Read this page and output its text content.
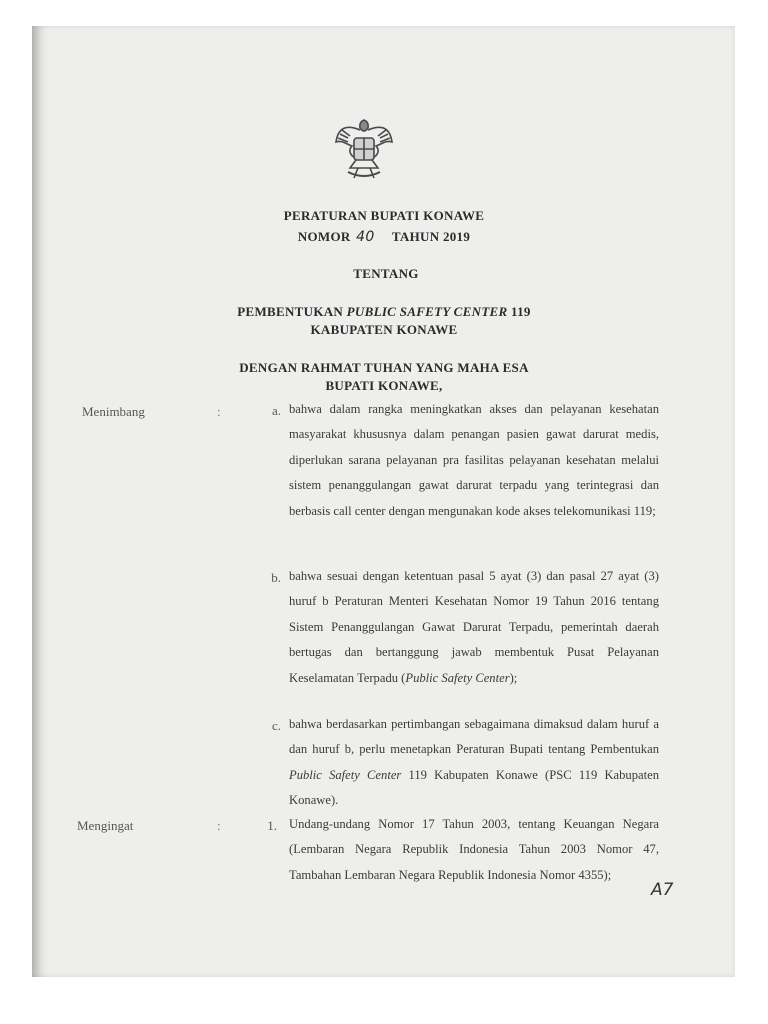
PERATURAN BUPATI KONAWE
NOMOR 40 TAHUN 2019
TENTANG
PEMBENTUKAN PUBLIC SAFETY CENTER 119
KABUPATEN KONAWE
DENGAN RAHMAT TUHAN YANG MAHA ESA
BUPATI KONAWE,
Menimbang	:	a. bahwa dalam rangka meningkatkan akses dan pelayanan kesehatan masyarakat khususnya dalam penangan pasien gawat darurat medis, diperlukan sarana pelayanan pra fasilitas pelayanan kesehatan melalui sistem penanggulangan gawat darurat terpadu yang terintegrasi dan berbasis call center dengan mengunakan kode akses telekomunikasi 119;
b. bahwa sesuai dengan ketentuan pasal 5 ayat (3) dan pasal 27 ayat (3) huruf b Peraturan Menteri Kesehatan Nomor 19 Tahun 2016 tentang Sistem Penanggulangan Gawat Darurat Terpadu, pemerintah daerah bertugas dan bertanggung jawab membentuk Pusat Pelayanan Keselamatan Terpadu (Public Safety Center);
c. bahwa berdasarkan pertimbangan sebagaimana dimaksud dalam huruf a dan huruf b, perlu menetapkan Peraturan Bupati tentang Pembentukan Public Safety Center 119 Kabupaten Konawe (PSC 119 Kabupaten Konawe).
Mengingat	:	1. Undang-undang Nomor 17 Tahun 2003, tentang Keuangan Negara (Lembaran Negara Republik Indonesia Tahun 2003 Nomor 47, Tambahan Lembaran Negara Republik Indonesia Nomor 4355);
A7
